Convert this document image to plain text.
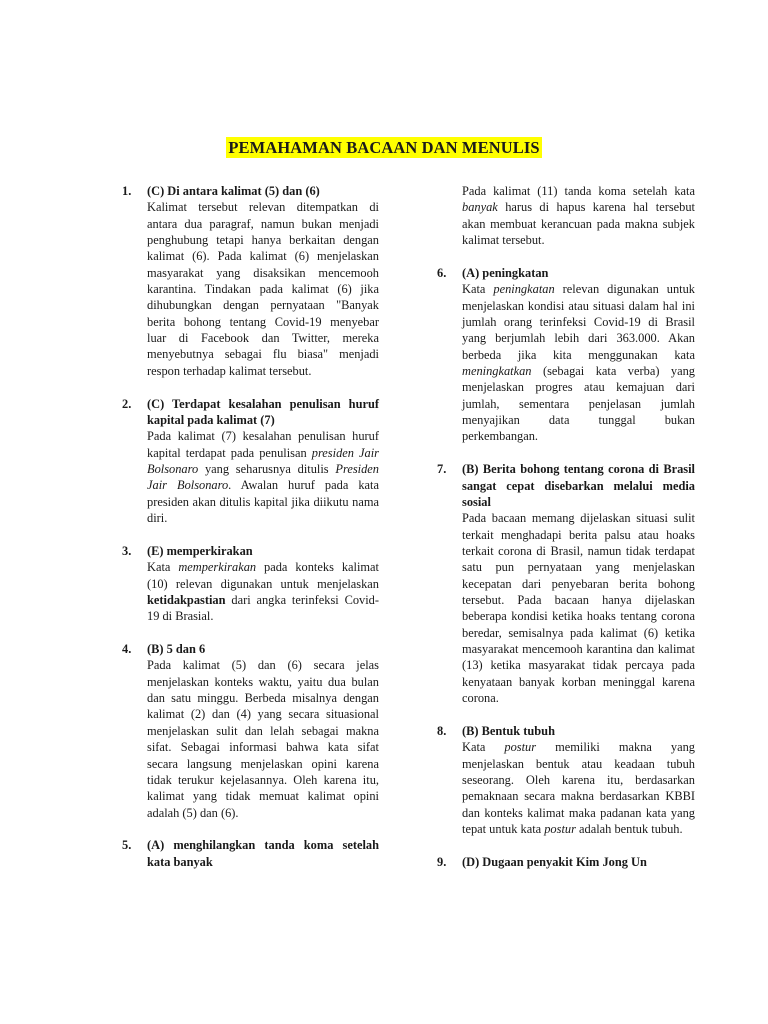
PEMAHAMAN BACAAN DAN MENULIS
1.	(C) Di antara kalimat (5) dan (6)
Kalimat tersebut relevan ditempatkan di antara dua paragraf, namun bukan menjadi penghubung tetapi hanya berkaitan dengan kalimat (6). Pada kalimat (6) menjelaskan masyarakat yang disaksikan mencemooh karantina. Tindakan pada kalimat (6) jika dihubungkan dengan pernyataan "Banyak berita bohong tentang Covid-19 menyebar luar di Facebook dan Twitter, mereka menyebutnya sebagai flu biasa" menjadi respon terhadap kalimat tersebut.
2.	(C) Terdapat kesalahan penulisan huruf kapital pada kalimat (7)
Pada kalimat (7) kesalahan penulisan huruf kapital terdapat pada penulisan presiden Jair Bolsonaro yang seharusnya ditulis Presiden Jair Bolsonaro. Awalan huruf pada kata presiden akan ditulis kapital jika diikutu nama diri.
3.	(E) memperkirakan
Kata memperkirakan pada konteks kalimat (10) relevan digunakan untuk menjelaskan ketidakpastian dari angka terinfeksi Covid-19 di Brasial.
4.	(B) 5 dan 6
Pada kalimat (5) dan (6) secara jelas menjelaskan konteks waktu, yaitu dua bulan dan satu minggu. Berbeda misalnya dengan kalimat (2) dan (4) yang secara situasional menjelaskan sulit dan lelah sebagai makna sifat. Sebagai informasi bahwa kata sifat secara langsung menjelaskan opini karena tidak terukur kejelasannya. Oleh karena itu, kalimat yang tidak memuat kalimat opini adalah (5) dan (6).
5.	(A) menghilangkan tanda koma setelah kata banyak
Pada kalimat (11) tanda koma setelah kata banyak harus di hapus karena hal tersebut akan membuat kerancuan pada makna subjek kalimat tersebut.
6.	(A) peningkatan
Kata peningkatan relevan digunakan untuk menjelaskan kondisi atau situasi dalam hal ini jumlah orang terinfeksi Covid-19 di Brasil yang berjumlah lebih dari 363.000. Akan berbeda jika kita menggunakan kata meningkatkan (sebagai kata verba) yang menjelaskan progres atau kemajuan dari jumlah, sementara penjelasan jumlah menyajikan data tunggal bukan perkembangan.
7.	(B) Berita bohong tentang corona di Brasil sangat cepat disebarkan melalui media sosial
Pada bacaan memang dijelaskan situasi sulit terkait menghadapi berita palsu atau hoaks terkait corona di Brasil, namun tidak terdapat satu pun pernyataan yang menjelaskan kecepatan dari penyebaran berita bohong tersebut. Pada bacaan hanya dijelaskan beberapa kondisi ketika hoaks tentang corona beredar, semisalnya pada kalimat (6) ketika masyarakat mencemooh karantina dan kalimat (13) ketika masyarakat tidak percaya pada kenyataan banyak korban meninggal karena corona.
8.	(B) Bentuk tubuh
Kata postur memiliki makna yang menjelaskan bentuk atau keadaan tubuh seseorang. Oleh karena itu, berdasarkan pemaknaan secara makna berdasarkan KBBI dan konteks kalimat maka padanan kata yang tepat untuk kata postur adalah bentuk tubuh.
9.	(D) Dugaan penyakit Kim Jong Un
